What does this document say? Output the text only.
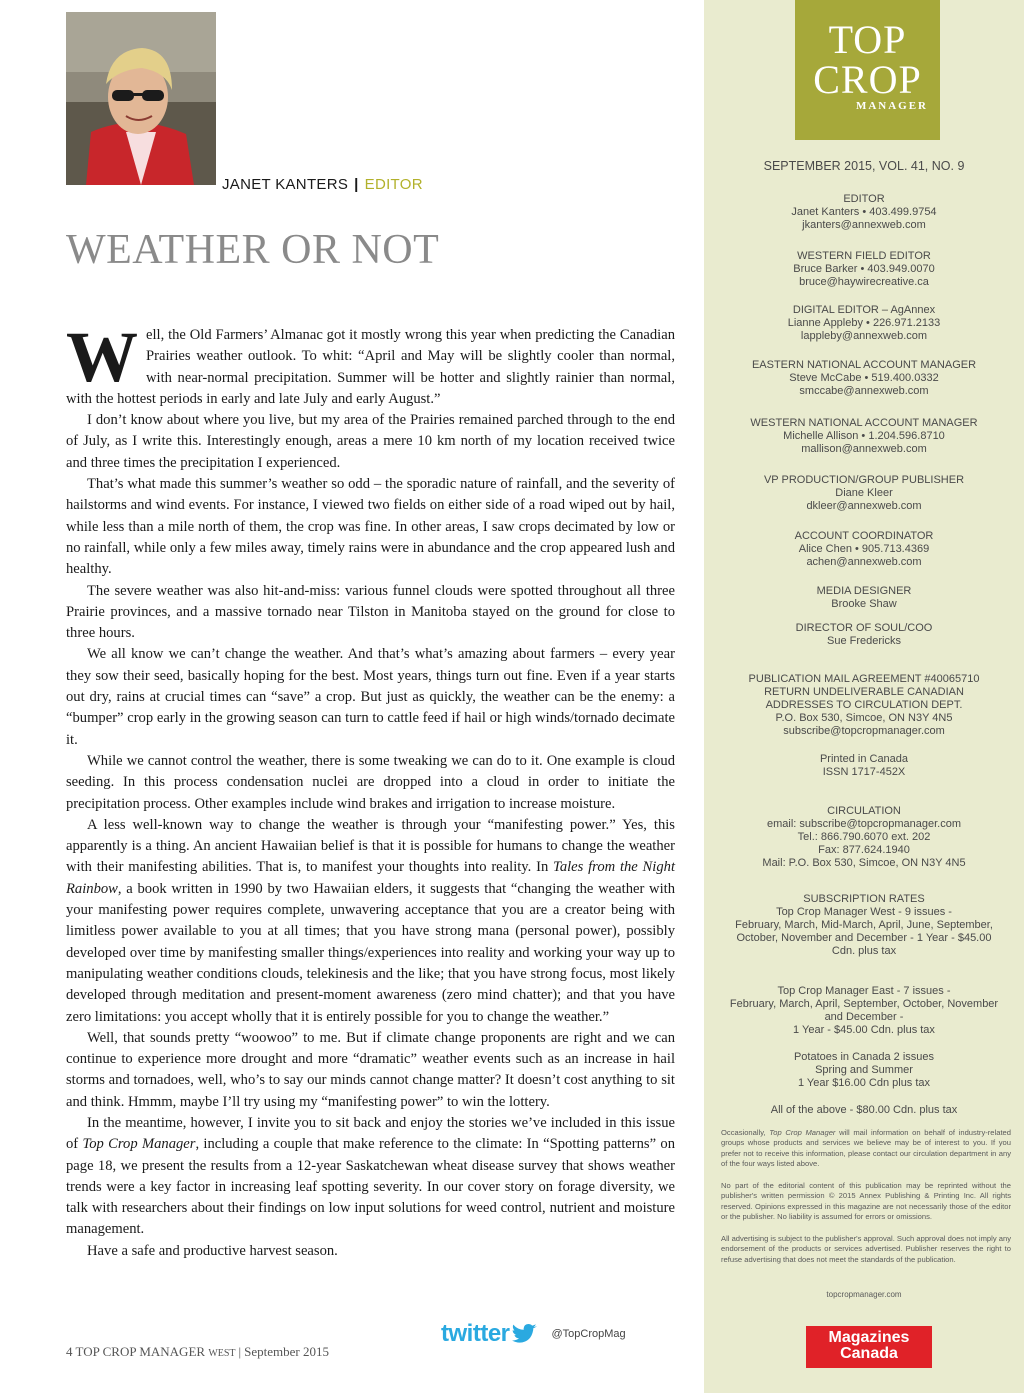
JANET KANTERS | EDITOR
WEATHER OR NOT

Well, the Old Farmers’ Almanac got it mostly wrong this year when predicting the Canadian Prairies weather outlook. To whit: “April and May will be slightly cooler than normal, with near-normal precipitation. Summer will be hotter and slightly rainier than normal, with the hottest periods in early and late July and early August.”

I don’t know about where you live, but my area of the Prairies remained parched through to the end of July, as I write this. Interestingly enough, areas a mere 10 km north of my location received twice and three times the precipitation I experienced.

That’s what made this summer’s weather so odd – the sporadic nature of rainfall, and the severity of hailstorms and wind events. For instance, I viewed two fields on either side of a road wiped out by hail, while less than a mile north of them, the crop was fine. In other areas, I saw crops decimated by low or no rainfall, while only a few miles away, timely rains were in abundance and the crop appeared lush and healthy.

The severe weather was also hit-and-miss: various funnel clouds were spotted throughout all three Prairie provinces, and a massive tornado near Tilston in Manitoba stayed on the ground for close to three hours.

We all know we can’t change the weather. And that’s what’s amazing about farmers – every year they sow their seed, basically hoping for the best. Most years, things turn out fine. Even if a year starts out dry, rains at crucial times can “save” a crop. But just as quickly, the weather can be the enemy: a “bumper” crop early in the growing season can turn to cattle feed if hail or high winds/tornado decimate it.

While we cannot control the weather, there is some tweaking we can do to it. One example is cloud seeding. In this process condensation nuclei are dropped into a cloud in order to initiate the precipitation process. Other examples include wind brakes and irrigation to increase moisture.

A less well-known way to change the weather is through your “manifesting power.” Yes, this apparently is a thing. An ancient Hawaiian belief is that it is possible for humans to change the weather with their manifesting abilities. That is, to manifest your thoughts into reality. In Tales from the Night Rainbow, a book written in 1990 by two Hawaiian elders, it suggests that “changing the weather with your manifesting power requires complete, unwavering acceptance that you are a creator being with limitless power available to you at all times; that you have strong mana (personal power), possibly developed over time by manifesting smaller things/experiences into reality and working your way up to manipulating weather conditions clouds, telekinesis and the like; that you have strong focus, most likely developed through meditation and present-moment awareness (zero mind chatter); and that you have zero limitations: you accept wholly that it is entirely possible for you to change the weather.”

Well, that sounds pretty “woowoo” to me. But if climate change proponents are right and we can continue to experience more drought and more “dramatic” weather events such as an increase in hail storms and tornadoes, well, who’s to say our minds cannot change matter? It doesn’t cost anything to sit and think. Hmmm, maybe I’ll try using my “manifesting power” to win the lottery.

In the meantime, however, I invite you to sit back and enjoy the stories we’ve included in this issue of Top Crop Manager, including a couple that make reference to the climate: In “Spotting patterns” on page 18, we present the results from a 12-year Saskatchewan wheat disease survey that shows weather trends were a key factor in increasing leaf spotting severity. In our cover story on forage diversity, we talk with researchers about their findings on low input solutions for weed control, nutrient and moisture management.

Have a safe and productive harvest season.

twitter	@TopCropMag
4 TOP CROP MANAGER WEST | September 2015
TOP
CROP
MANAGER
SEPTEMBER 2015, VOL. 41, NO. 9
EDITOR
Janet Kanters • 403.499.9754
jkanters@annexweb.com
WESTERN FIELD EDITOR
Bruce Barker • 403.949.0070
bruce@haywirecreative.ca
DIGITAL EDITOR – AgAnnex
Lianne Appleby • 226.971.2133
lappleby@annexweb.com
EASTERN NATIONAL ACCOUNT MANAGER
Steve McCabe • 519.400.0332
smccabe@annexweb.com
WESTERN NATIONAL ACCOUNT MANAGER
Michelle Allison • 1.204.596.8710
mallison@annexweb.com
VP PRODUCTION/GROUP PUBLISHER
Diane Kleer
dkleer@annexweb.com
ACCOUNT COORDINATOR
Alice Chen • 905.713.4369
achen@annexweb.com
MEDIA DESIGNER
Brooke Shaw
DIRECTOR OF SOUL/COO
Sue Fredericks
PUBLICATION MAIL AGREEMENT #40065710
RETURN UNDELIVERABLE CANADIAN
ADDRESSES TO CIRCULATION DEPT.
P.O. Box 530, Simcoe, ON N3Y 4N5
subscribe@topcropmanager.com
Printed in Canada
ISSN 1717-452X
CIRCULATION
email: subscribe@topcropmanager.com
Tel.: 866.790.6070 ext. 202
Fax: 877.624.1940
Mail: P.O. Box 530, Simcoe, ON N3Y 4N5
SUBSCRIPTION RATES
Top Crop Manager West - 9 issues -
February, March, Mid-March, April, June, September,
October, November and December - 1 Year - $45.00
Cdn. plus tax
Top Crop Manager East - 7 issues -
February, March, April, September, October, November
and December -
1 Year - $45.00 Cdn. plus tax
Potatoes in Canada 2 issues
Spring and Summer
1 Year $16.00 Cdn plus tax
All of the above - $80.00 Cdn. plus tax
Occasionally, Top Crop Manager will mail information on behalf of industry-related groups whose products and services we believe may be of interest to you. If you prefer not to receive this information, please contact our circulation department in any of the four ways listed above.
No part of the editorial content of this publication may be reprinted without the publisher's written permission © 2015 Annex Publishing & Printing Inc. All rights reserved. Opinions expressed in this magazine are not necessarily those of the editor or the publisher. No liability is assumed for errors or omissions.
All advertising is subject to the publisher's approval. Such approval does not imply any endorsement of the products or services advertised. Publisher reserves the right to refuse advertising that does not meet the standards of the publication.
topcropmanager.com
Magazines
Canada
